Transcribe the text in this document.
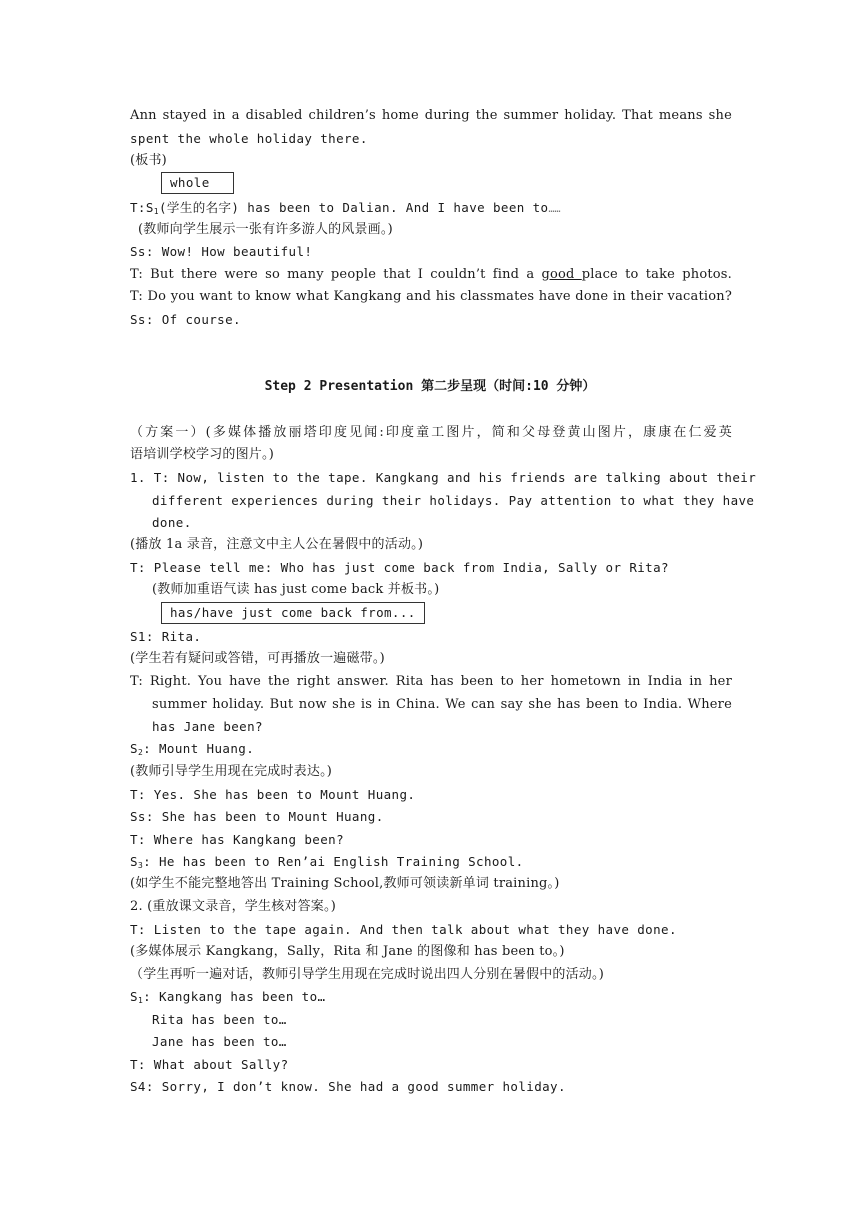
Ann stayed in a disabled children’s home during the summer holiday. That means she
spent the whole holiday there.
(板书)
whole
$T:S_1$(学生的名字) has been to Dalian. And I have been to……
(教师向学生展示一张有许多游人的风景画。)
Ss: Wow! How beautiful!
T: But there were so many people that I couldn’t find a good place to take photos.
T: Do you want to know what Kangkang and his classmates have done in their vacation?
Ss: Of course.
Step 2 Presentation 第二步呈现（时间:10 分钟）
（方案一）(多媒体播放丽塔印度见闻:印度童工图片，简和父母登黄山图片，康康在仁爱英
语培训学校学习的图片。)
1. T: Now, listen to the tape. Kangkang and his friends are talking about their
different experiences during their holidays. Pay attention to what they have
done.
(播放 1a 录音，注意文中主人公在暑假中的活动。)
T: Please tell me: Who has just come back from India, Sally or Rita?
(教师加重语气读 has just come back 并板书。)
has/have just come back from...
S1: Rita.
(学生若有疑问或答错，可再播放一遍磁带。)
T: Right. You have the right answer. Rita has been to her hometown in India in her
summer holiday. But now she is in China. We can say she has been to India. Where
has Jane been?
$S_2$: Mount Huang.
(教师引导学生用现在完成时表达。)
T: Yes. She has been to Mount Huang.
Ss: She has been to Mount Huang.
T: Where has Kangkang been?
$S_3$: He has been to Ren’ai English Training School.
(如学生不能完整地答出 Training School,教师可领读新单词 training。)
2. (重放课文录音，学生核对答案。)
T: Listen to the tape again. And then talk about what they have done.
(多媒体展示 Kangkang，Sally，Rita 和 Jane 的图像和 has been to。)
（学生再听一遍对话，教师引导学生用现在完成时说出四人分别在暑假中的活动。)
$S_1$: Kangkang has been to…
Rita has been to…
Jane has been to…
T: What about Sally?
S4: Sorry, I don’t know. She had a good summer holiday.
